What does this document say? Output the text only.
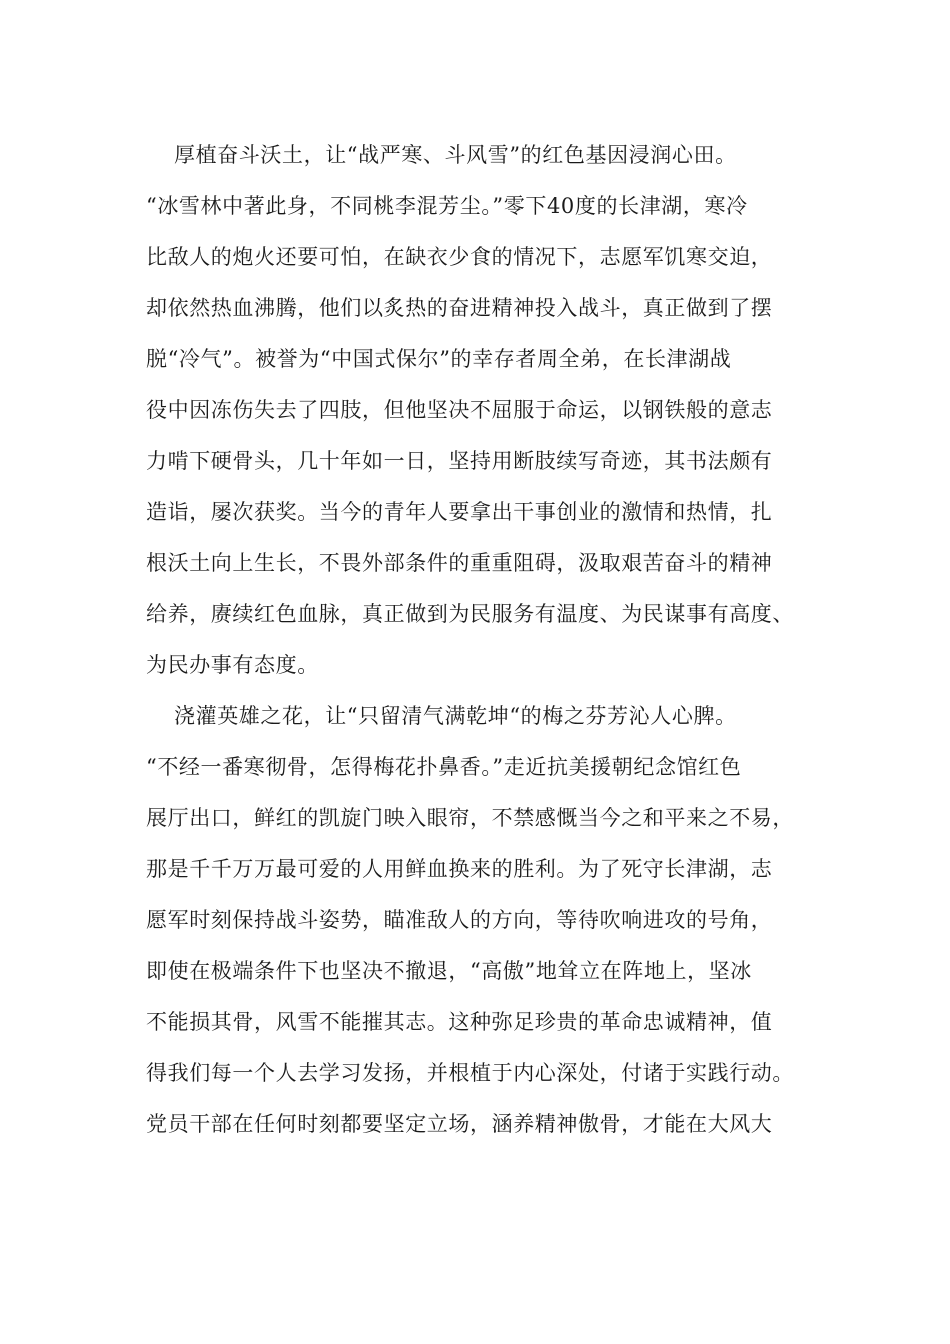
厚植奋斗沃土，让“战严寒、斗风雪”的红色基因浸润心田。
“冰雪林中著此身，不同桃李混芳尘。”零下40度的长津湖，寒冷
比敌人的炮火还要可怕，在缺衣少食的情况下，志愿军饥寒交迫，
却依然热血沸腾，他们以炙热的奋进精神投入战斗，真正做到了摆
脱“冷气”。被誉为“中国式保尔”的幸存者周全弟，在长津湖战
役中因冻伤失去了四肢，但他坚决不屈服于命运，以钢铁般的意志
力啃下硬骨头，几十年如一日，坚持用断肢续写奇迹，其书法颇有
造诣，屡次获奖。当今的青年人要拿出干事创业的激情和热情，扎
根沃土向上生长，不畏外部条件的重重阻碍，汲取艰苦奋斗的精神
给养，赓续红色血脉，真正做到为民服务有温度、为民谋事有高度、
为民办事有态度。
浇灌英雄之花，让“只留清气满乾坤“的梅之芬芳沁人心脾。
“不经一番寒彻骨，怎得梅花扑鼻香。”走近抗美援朝纪念馆红色
展厅出口，鲜红的凯旋门映入眼帘，不禁感慨当今之和平来之不易，
那是千千万万最可爱的人用鲜血换来的胜利。为了死守长津湖，志
愿军时刻保持战斗姿势，瞄准敌人的方向，等待吹响进攻的号角，
即使在极端条件下也坚决不撤退，“高傲”地耸立在阵地上，坚冰
不能损其骨，风雪不能摧其志。这种弥足珍贵的革命忠诚精神，值
得我们每一个人去学习发扬，并根植于内心深处，付诸于实践行动。
党员干部在任何时刻都要坚定立场，涵养精神傲骨，才能在大风大
